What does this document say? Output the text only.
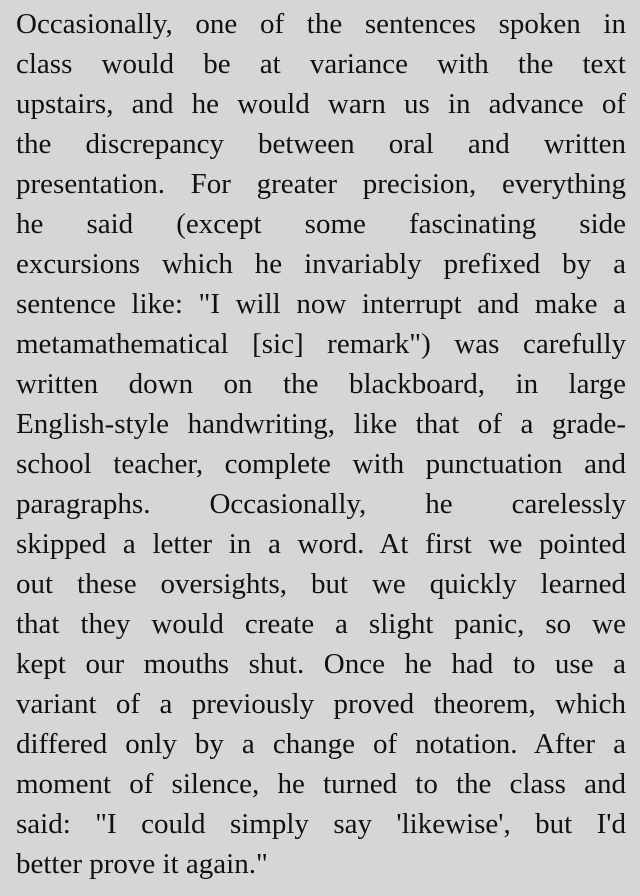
Occasionally, one of the sentences spoken in
class would be at variance with the text
upstairs, and he would warn us in advance of
the discrepancy between oral and written
presentation. For greater precision, everything
he said (except some fascinating side
excursions which he invariably prefixed by a
sentence like: "I will now interrupt and make a
metamathematical [sic] remark") was carefully
written down on the blackboard, in large
English-style handwriting, like that of a grade-
school teacher, complete with punctuation and
paragraphs. Occasionally, he carelessly
skipped a letter in a word. At first we pointed
out these oversights, but we quickly learned
that they would create a slight panic, so we
kept our mouths shut. Once he had to use a
variant of a previously proved theorem, which
differed only by a change of notation. After a
moment of silence, he turned to the class and
said: "I could simply say 'likewise', but I'd
better prove it again."
